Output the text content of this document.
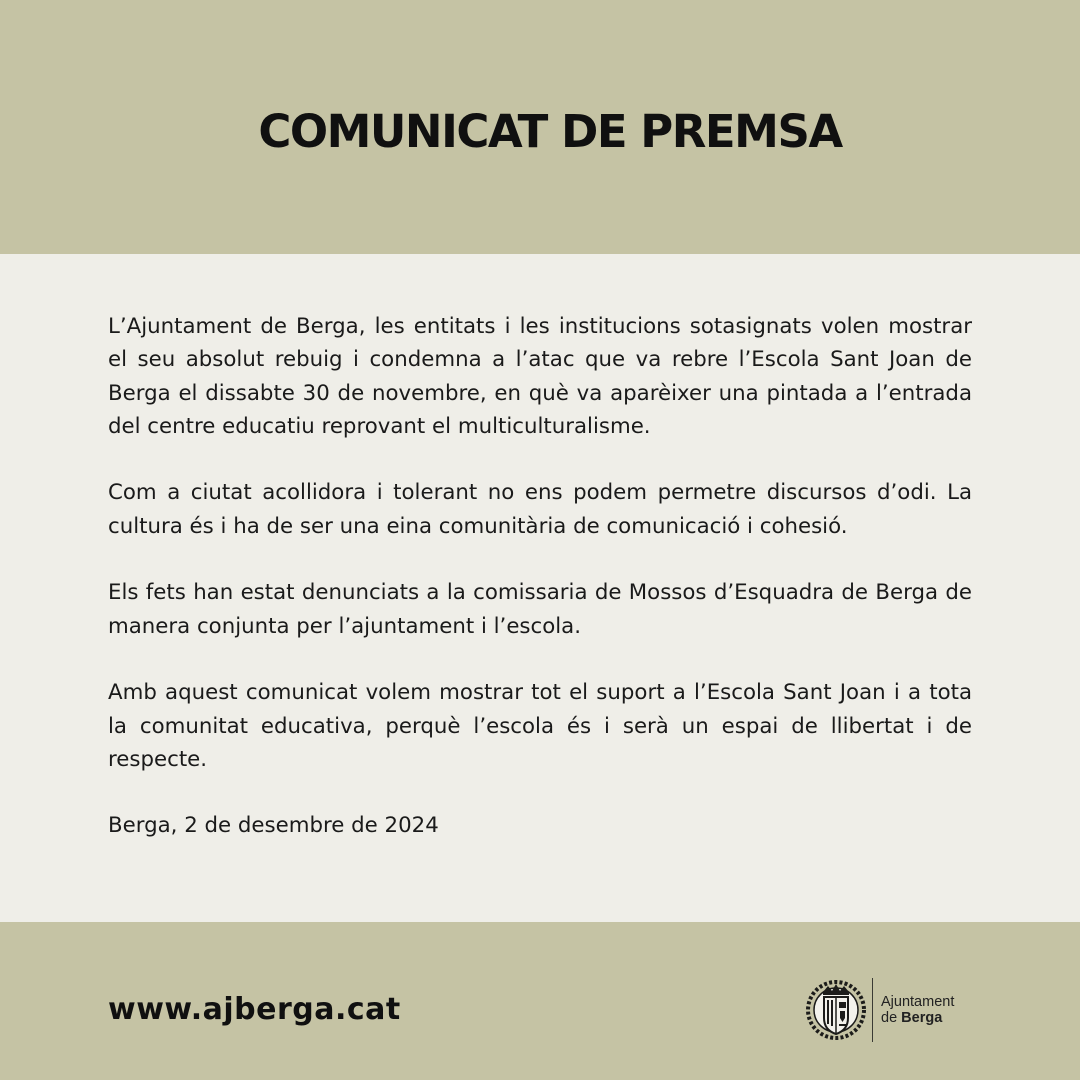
COMUNICAT DE PREMSA

L’Ajuntament de Berga, les entitats i les institucions sotasignats volen mostrar el seu absolut rebuig i condemna a l’atac que va rebre l’Escola Sant Joan de Berga el dissabte 30 de novembre, en què va aparèixer una pintada a l’entrada del centre educatiu reprovant el multiculturalisme.

Com a ciutat acollidora i tolerant no ens podem permetre discursos d’odi. La cultura és i ha de ser una eina comunitària de comunicació i cohesió.

Els fets han estat denunciats a la comissaria de Mossos d’Esquadra de Berga de manera conjunta per l’ajuntament i l’escola.

Amb aquest comunicat volem mostrar tot el suport a l’Escola Sant Joan i a tota la comunitat educativa, perquè l’escola és i serà un espai de llibertat i de respecte.

Berga, 2 de desembre de 2024

www.ajberga.cat	Ajuntament
de Berga
